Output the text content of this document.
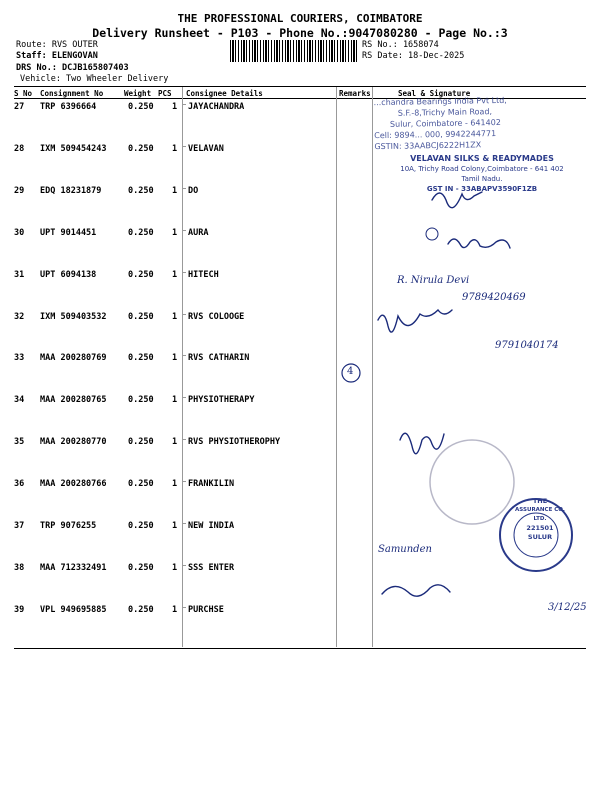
THE PROFESSIONAL COURIERS, COIMBATORE
Delivery Runsheet - P103 - Phone No.:9047080280 - Page No.:3
Route: RVS OUTER
Staff: ELENGOVAN
DRS No.: DCJB165807403
Vehicle: Two Wheeler Delivery
RS No.: 1658074
RS Date: 18-Dec-2025
S No Consignment No	Weight PCS Consignee Details	Remarks	Seal & Signature
27 TRP 6396664	0.250 1 JAYACHANDRA
28 IXM 509454243	0.250 1 VELAVAN
29 EDQ 18231879	0.250 1 DO
30 UPT 9014451	0.250 1 AURA
31 UPT 6094138	0.250 1 HITECH
32 IXM 509403532	0.250 1 RVS COLOOGE
33 MAA 200280769	0.250 1 RVS CATHARIN
34 MAA 200280765	0.250 1 PHYSIOTHERAPY
35 MAA 200280770	0.250 1 RVS PHYSIOTHEROPHY
36 MAA 200280766	0.250 1 FRANKILIN
37 TRP 9076255	0.250 1 NEW INDIA
38 MAA 712332491	0.250 1 SSS ENTER
39 VPL 949695885	0.250 1 PURCHSE
...chandra Bearings India Pvt Ltd,
S.F.-8,Trichy Main Road,
Sulur, Coimbatore - 641402
Cell: 9894... 000, 9942244771
GSTIN: 33AABCJ6222H1ZX
VELAVAN SILKS & READYMADES
10A, Trichy Road Colony,Coimbatore - 641 402
Tamil Nadu.
GST IN - 33ABAPV3590F1ZB
R. Nirula Devi
9789420469
9791040174
4
Samunden
3/12/25
THE
ASSURANCE CO. LTD.
221501
SULUR
